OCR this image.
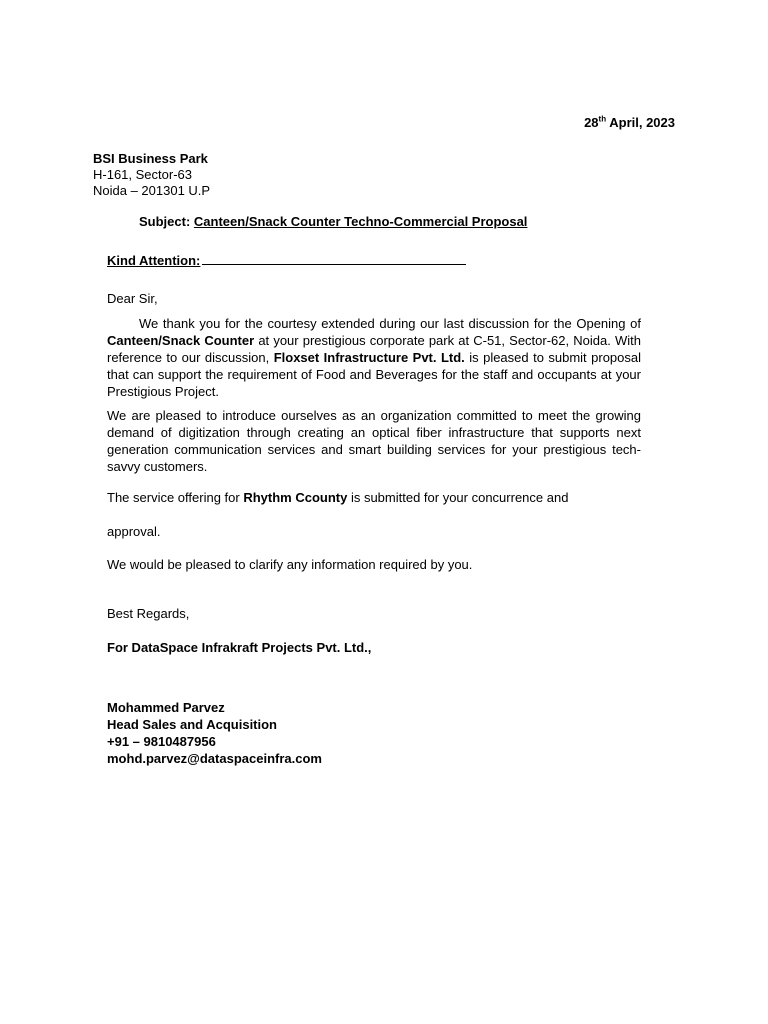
28th April, 2023
BSI Business Park
H-161, Sector-63
Noida – 201301 U.P
Subject: Canteen/Snack Counter Techno-Commercial Proposal
Kind Attention:
Dear Sir,
We thank you for the courtesy extended during our last discussion for the Opening of Canteen/Snack Counter at your prestigious corporate park at C-51, Sector-62, Noida. With reference to our discussion, Floxset Infrastructure Pvt. Ltd. is pleased to submit proposal that can support the requirement of Food and Beverages for the staff and occupants at your Prestigious Project.
We are pleased to introduce ourselves as an organization committed to meet the growing demand of digitization through creating an optical fiber infrastructure that supports next generation communication services and smart building services for your prestigious tech-savvy customers.
The service offering for Rhythm Ccounty is submitted for your concurrence and
approval.
We would be pleased to clarify any information required by you.
Best Regards,
For DataSpace Infrakraft Projects Pvt. Ltd.,
Mohammed Parvez
Head Sales and Acquisition
+91 – 9810487956
mohd.parvez@dataspaceinfra.com
